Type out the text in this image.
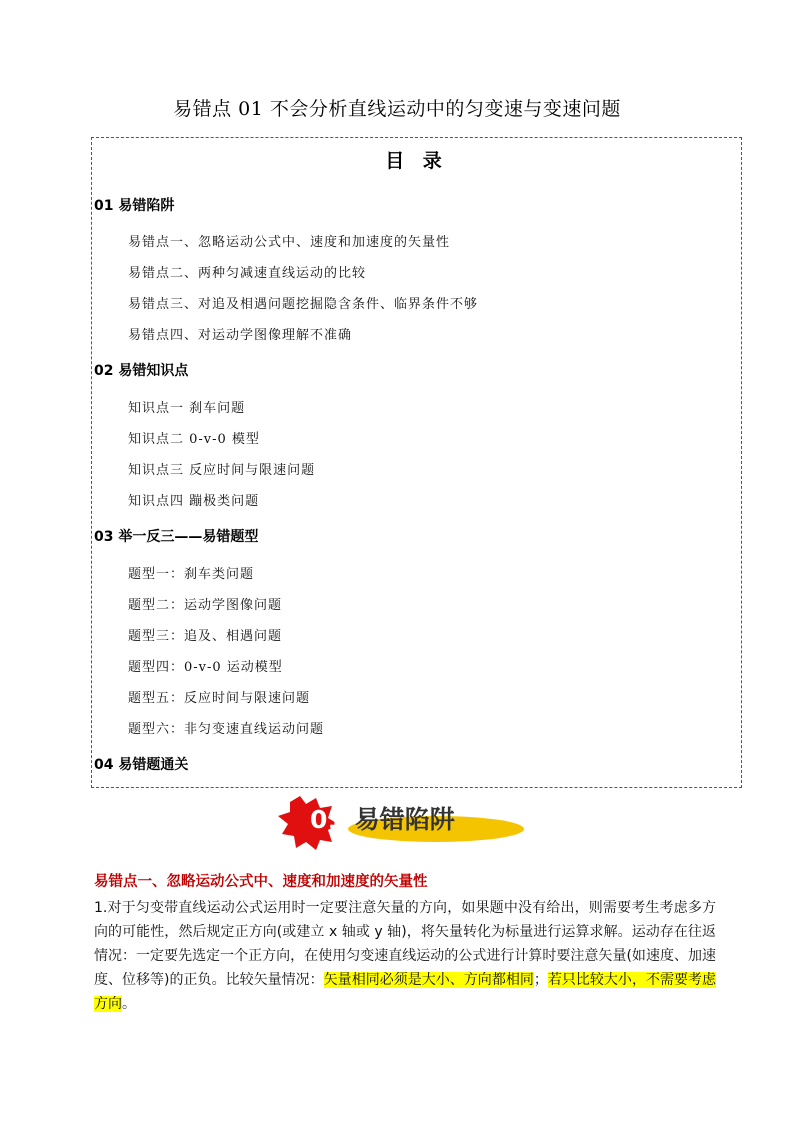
易错点 01 不会分析直线运动中的匀变速与变速问题
目 录
01 易错陷阱
易错点一、忽略运动公式中、速度和加速度的矢量性
易错点二、两种匀减速直线运动的比较
易错点三、对追及相遇问题挖掘隐含条件、临界条件不够
易错点四、对运动学图像理解不准确
02 易错知识点
知识点一 刹车问题
知识点二 0-v-0 模型
知识点三 反应时间与限速问题
知识点四 蹦极类问题
03 举一反三——易错题型
题型一：刹车类问题
题型二：运动学图像问题
题型三：追及、相遇问题
题型四：0-v-0 运动模型
题型五：反应时间与限速问题
题型六：非匀变速直线运动问题
04 易错题通关
01 易错陷阱
易错点一、忽略运动公式中、速度和加速度的矢量性
1.对于匀变带直线运动公式运用时一定要注意矢量的方向，如果题中没有给出，则需要考生考虑多方向的可能性，然后规定正方向(或建立 x 轴或 y 轴)，将矢量转化为标量进行运算求解。运动存在往返情况：一定要先选定一个正方向，在使用匀变速直线运动的公式进行计算时要注意矢量(如速度、加速度、位移等)的正负。比较矢量情况：矢量相同必须是大小、方向都相同；若只比较大小，不需要考虑方向。
